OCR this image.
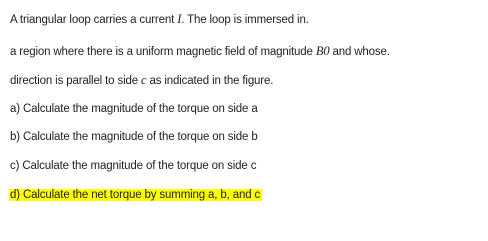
A triangular loop carries a current I. The loop is immersed in.
a region where there is a uniform magnetic field of magnitude B0 and whose.
direction is parallel to side c as indicated in the figure.
a) Calculate the magnitude of the torque on side a
b) Calculate the magnitude of the torque on side b
c) Calculate the magnitude of the torque on side c
d) Calculate the net torque by summing a, b, and c
